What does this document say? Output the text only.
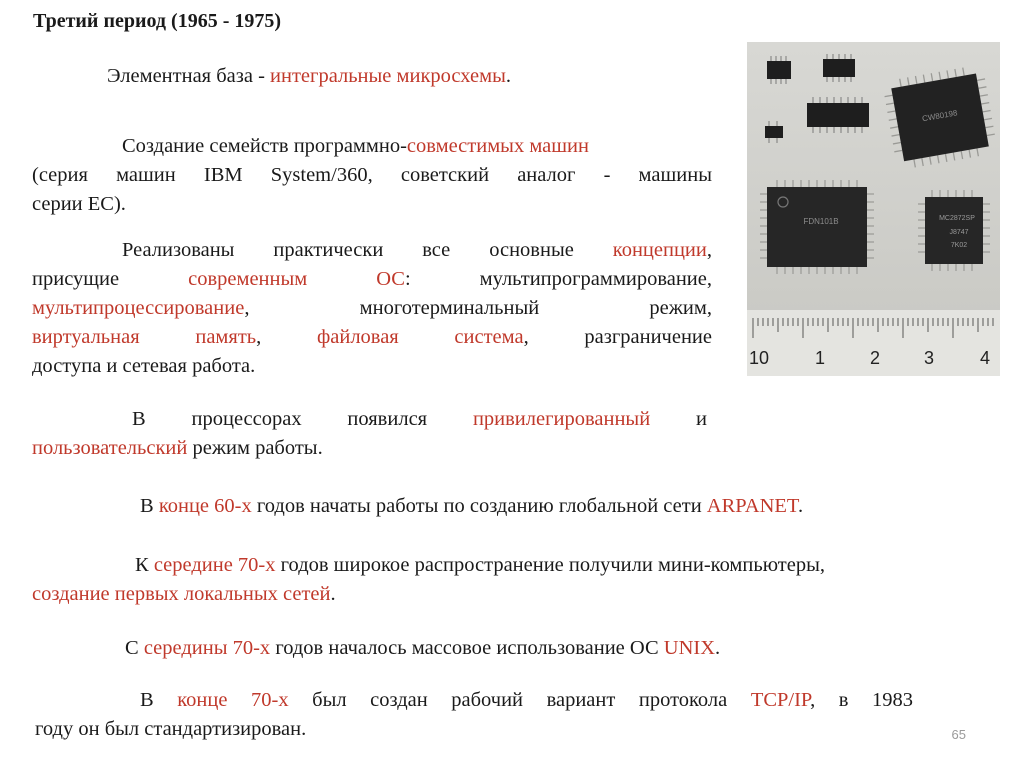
Третий период (1965 - 1975)
Элементная база - интегральные микросхемы.
Создание семейств программно-совместимых машин
(серия машин IBM System/360, советский аналог - машины
серии ЕС).
Реализованы практически все основные концепции,
присущие современным ОС: мультипрограммирование,
мультипроцессирование, многотерминальный режим,
виртуальная память, файловая система, разграничение
доступа и сетевая работа.
В процессорах появился привилегированный и
пользовательский режим работы.
В конце 60-х годов начаты работы по созданию глобальной сети ARPANET.
К середине 70-х годов широкое распространение получили мини-компьютеры,
создание первых локальных сетей.
С середины 70-х годов началось массовое использование ОС UNIX.
В конце 70-х был создан рабочий вариант протокола TCP/IP, в 1983
году он был стандартизирован.	65
CW80198
FDN101B	MC2872SP
J8747
7K02
10	1 2 3	4
